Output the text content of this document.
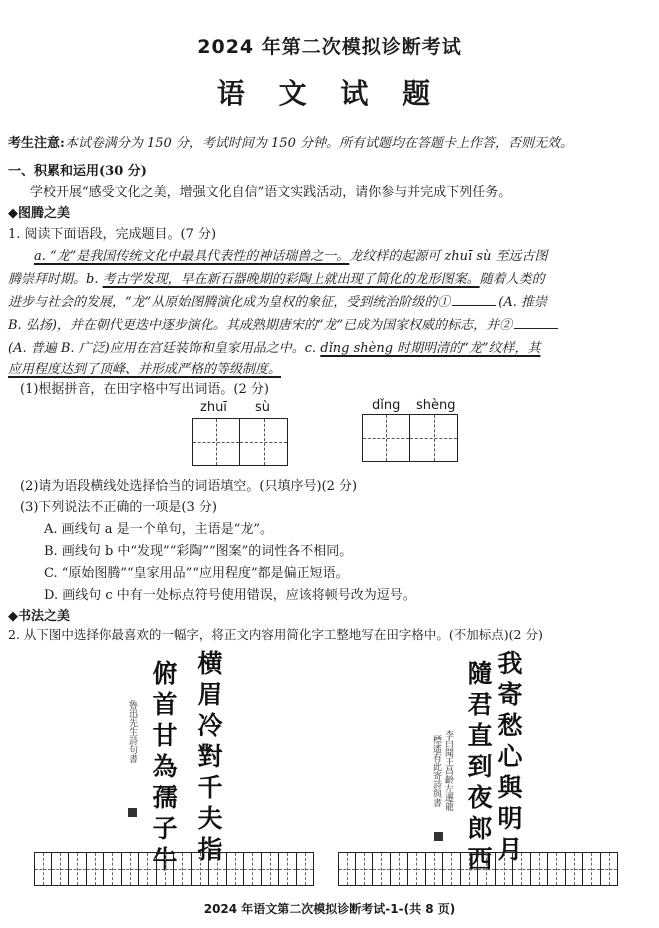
2024 年第二次模拟诊断考试
语 文 试 题
考生注意:本试卷满分为 150 分，考试时间为 150 分钟。所有试题均在答题卡上作答，否则无效。
一、积累和运用(30 分)
学校开展“感受文化之美，增强文化自信”语文实践活动，请你参与并完成下列任务。
◆图腾之美
1. 阅读下面语段，完成题目。(7 分)
a. “龙”是我国传统文化中最具代表性的神话瑞兽之一。龙纹样的起源可 zhuī sù 至远古图
腾崇拜时期。b. 考古学发现，早在新石器晚期的彩陶上就出现了简化的龙形图案。随着人类的
进步与社会的发展，“龙”从原始图腾演化成为皇权的象征，受到统治阶级的①	(A. 推崇
B. 弘扬)，并在朝代更迭中逐步演化。其成熟期唐宋的“龙”已成为国家权威的标志，并②
(A. 普遍 B. 广泛)应用在宫廷装饰和皇家用品之中。c. dǐng shèng 时期明清的“龙”纹样，其
应用程度达到了顶峰、并形成严格的等级制度。
(1)根据拼音，在田字格中写出词语。(2 分)
zhuī sù	dǐng shèng
(2)请为语段横线处选择恰当的词语填空。(只填序号)(2 分)
(3)下列说法不正确的一项是(3 分)
A. 画线句 a 是一个单句，主语是“龙”。
B. 画线句 b 中“发现”“彩陶”“图案”的词性各不相同。
C. “原始图腾”“皇家用品”“应用程度”都是偏正短语。
D. 画线句 c 中有一处标点符号使用错误，应该将顿号改为逗号。
◆书法之美
2. 从下图中选择你最喜欢的一幅字，将正文内容用简化字工整地写在田字格中。(不加标点)(2 分)
横眉冷對千夫指
俯首甘為孺子牛
魯迅先生詩句書	我寄愁心與明月
隨君直到夜郎西
李白聞王昌齡左遷龍
標遙有此寄詩與書
2024 年语文第二次模拟诊断考试-1-(共 8 页)
